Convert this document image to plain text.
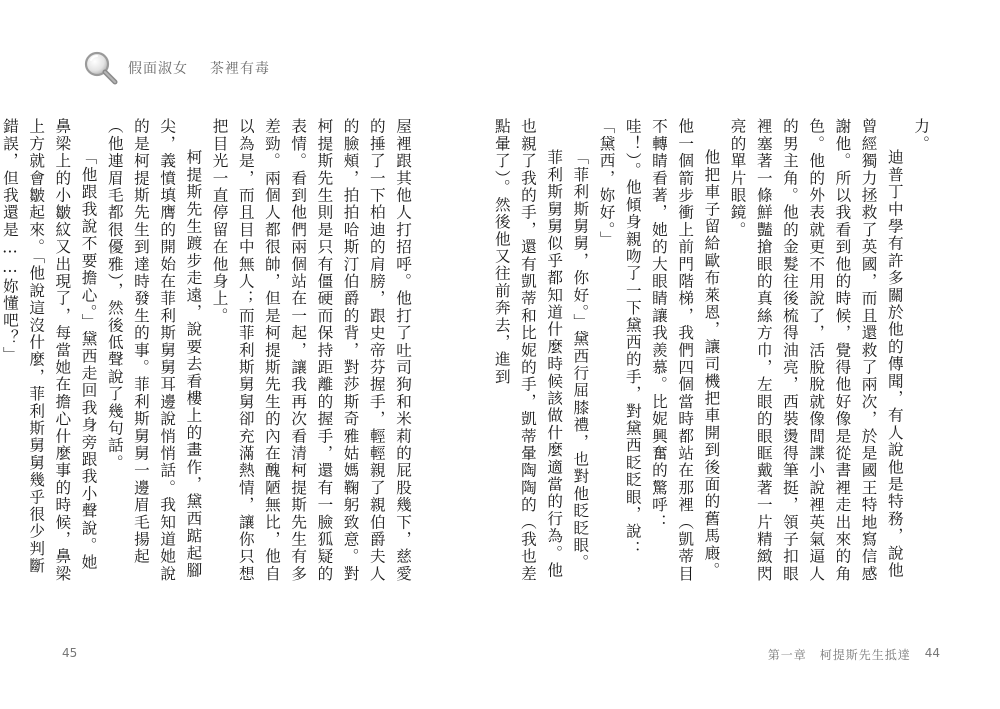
假面淑女 茶裡有毒

屋裡跟其他人打招呼。他打了吐司狗和米莉的屁股幾下，慈愛的捶了一下柏迪的肩膀，跟史帝芬握手，輕輕親了親伯爵夫人的臉頰，拍拍哈斯汀伯爵的背，對莎斯奇雅姑媽鞠躬致意。對柯提斯先生則是只有僵硬而保持距離的握手，還有一臉狐疑的表情。看到他們兩個站在一起，讓我再次看清柯提斯先生有多差勁。兩個人都很帥，但是柯提斯先生的內在醜陋無比，他自以為是，而且目中無人；而菲利斯舅舅卻充滿熱情，讓你只想把目光一直停留在他身上。

柯提斯先生踱步走遠，說要去看樓上的畫作，黛西踮起腳尖，義憤填膺的開始在菲利斯舅舅耳邊說悄悄話。我知道她說的是柯提斯先生到達時發生的事。菲利斯舅舅一邊眉毛揚起（他連眉毛都很優雅），然後低聲說了幾句話。

「他跟我說不要擔心。」黛西走回我身旁跟我小聲說。她鼻梁上的小皺紋又出現了，每當她在擔心什麼事的時候，鼻梁上方就會皺起來。「他說這沒什麼，菲利斯舅舅幾乎很少判斷錯誤，但我還是……妳懂吧？」

45

力。

迪普丁中學有許多關於他的傳聞，有人說他是特務，說他曾經獨力拯救了英國，而且還救了兩次，於是國王特地寫信感謝他。所以我看到他的時候，覺得他好像是從書裡走出來的角色。他的外表就更不用說了，活脫脫就像間諜小說裡英氣逼人的男主角。他的金髮往後梳得油亮，西裝燙得筆挺，領子扣眼裡塞著一條鮮豔搶眼的真絲方巾，左眼的眼眶戴著一片精緻閃亮的單片眼鏡。

他把車子留給歐布萊恩，讓司機把車開到後面的舊馬廄。他一個箭步衝上前門階梯，我們四個當時都站在那裡（凱蒂目不轉睛看著，她的大眼睛讓我羨慕。比妮興奮的驚呼：哇！）。他傾身親吻了一下黛西的手，對黛西眨眨眼，說：「黛西，妳好。」

「菲利斯舅舅，你好。」黛西行屈膝禮，也對他眨眨眼。

菲利斯舅舅似乎都知道什麼時候該做什麼適當的行為。他也親了我的手，還有凱蒂和比妮的手，凱蒂暈陶陶的（我也差點暈了）。然後他又往前奔去，進到

第一章　柯提斯先生抵達 44
